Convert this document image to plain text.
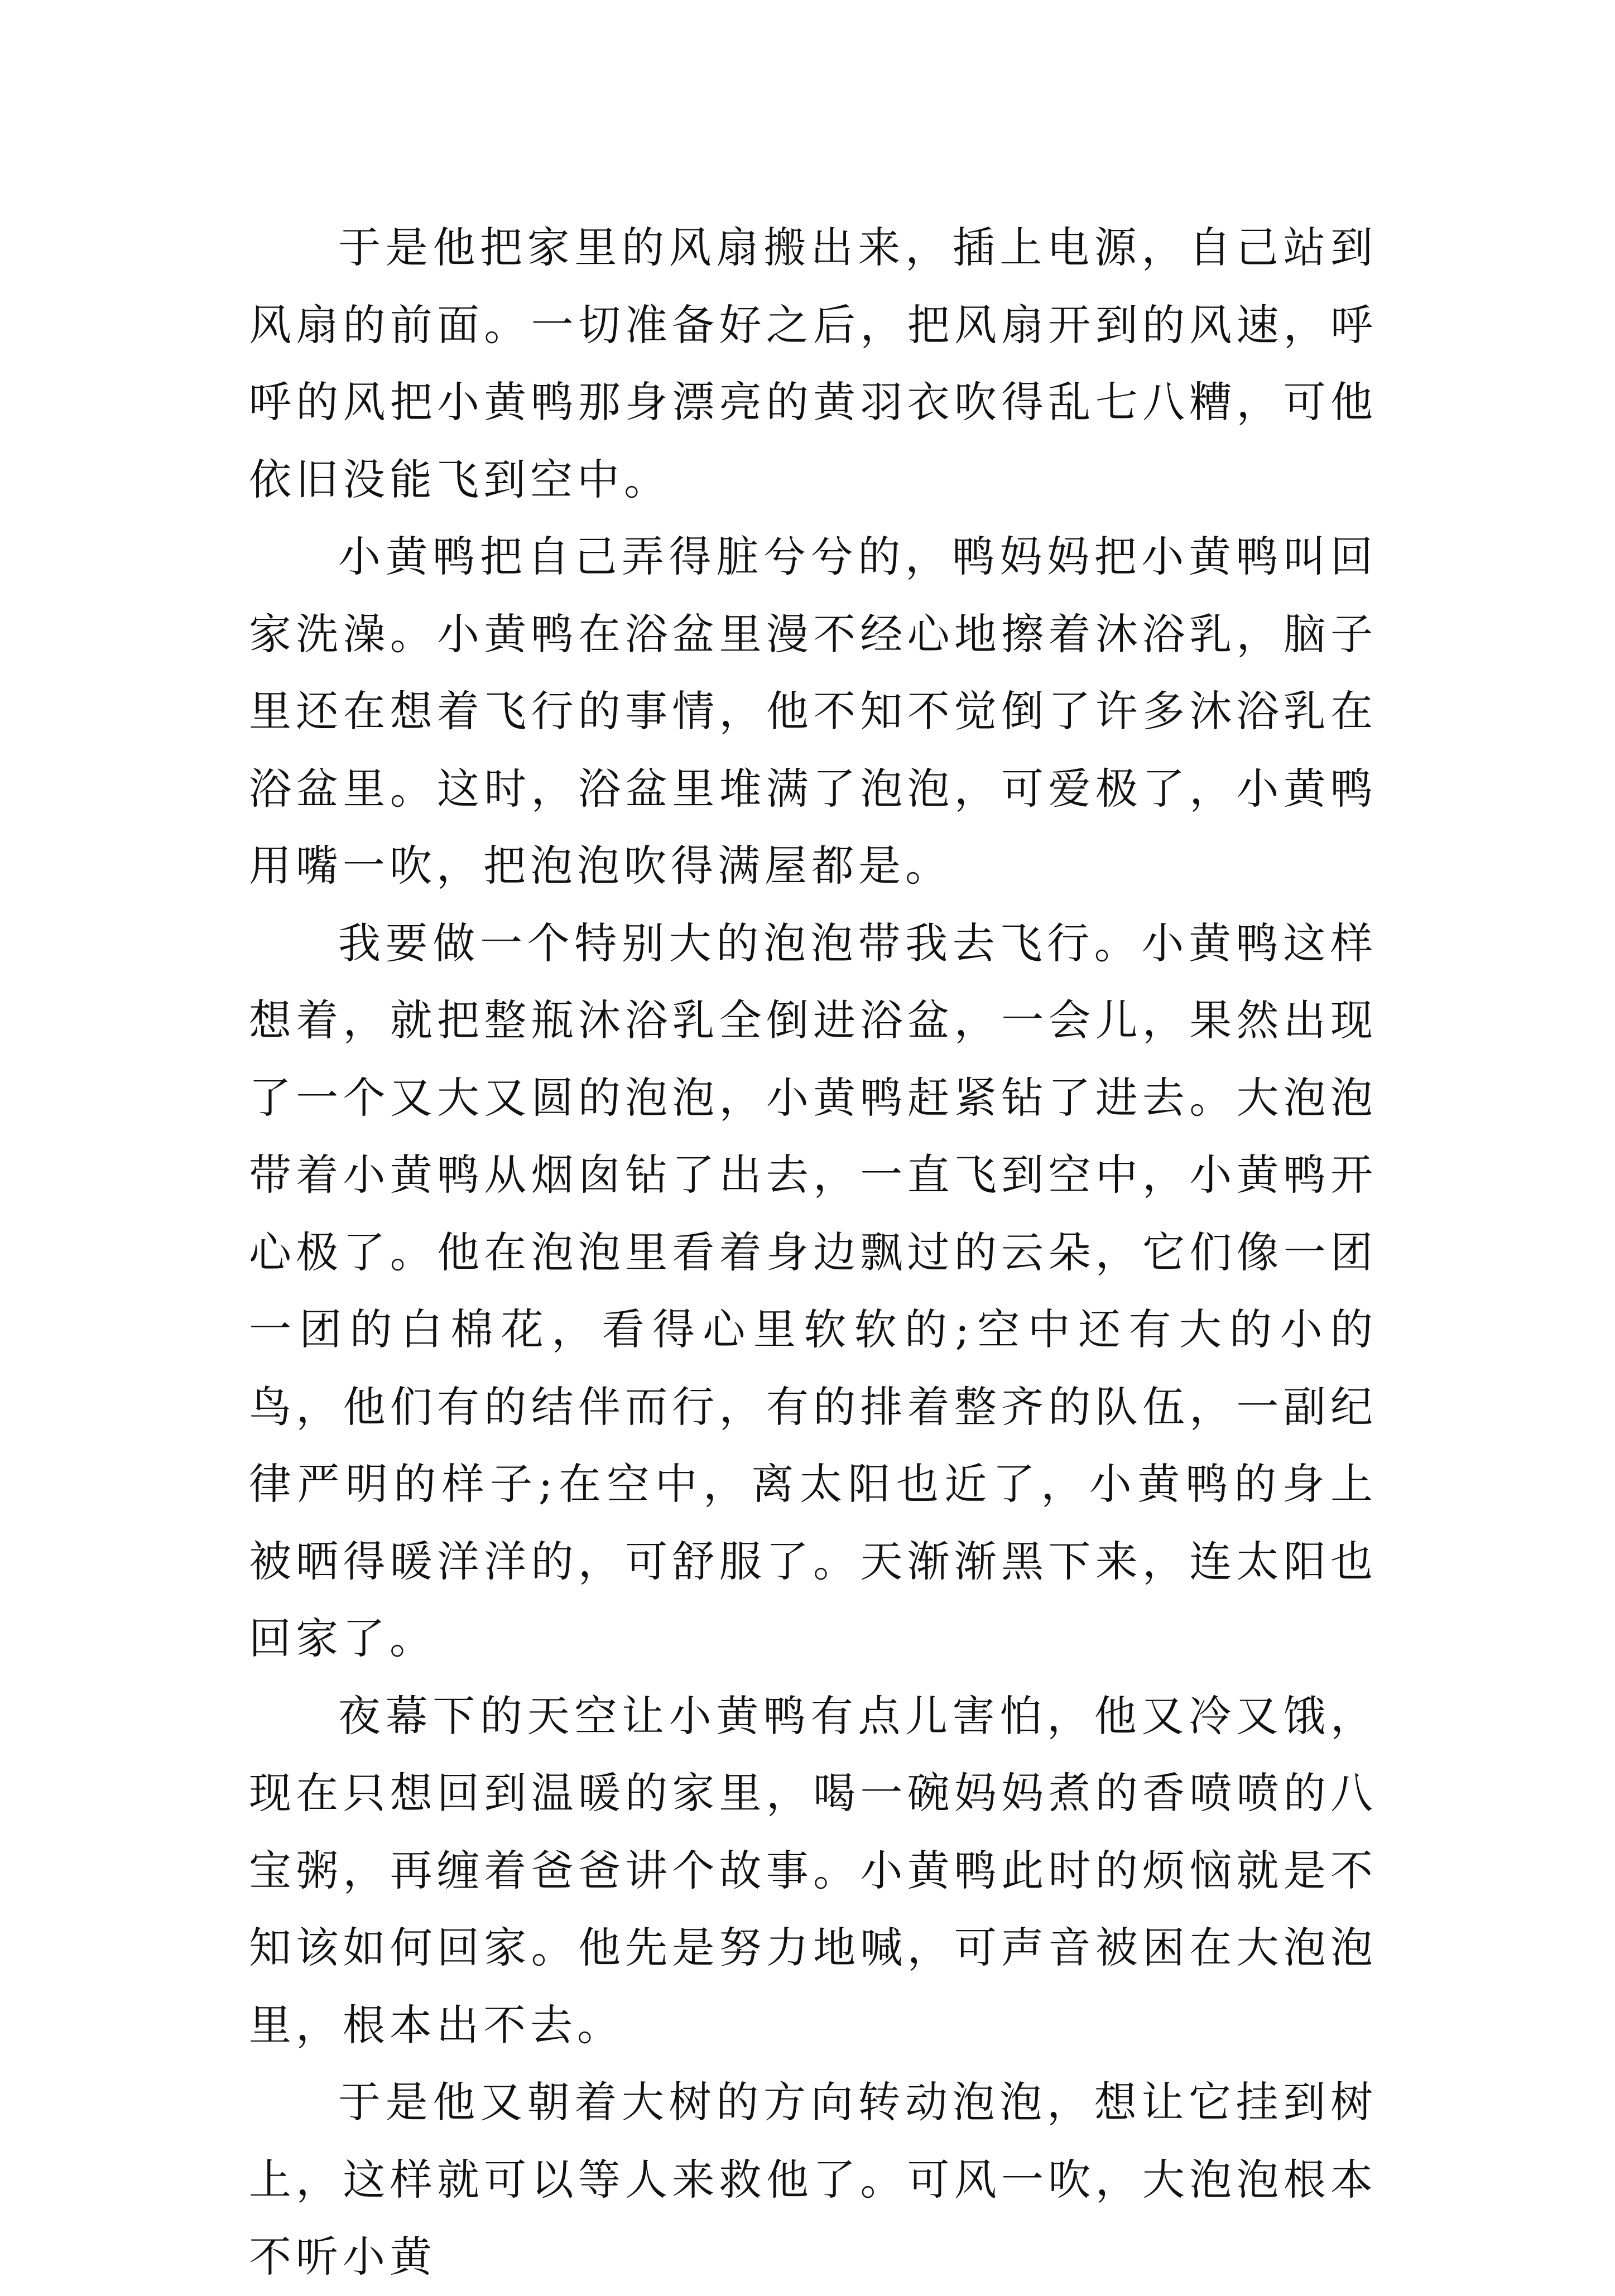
于是他把家里的风扇搬出来，插上电源，自己站到风扇的前面。一切准备好之后，把风扇开到的风速，呼呼的风把小黄鸭那身漂亮的黄羽衣吹得乱七八糟，可他依旧没能飞到空中。

小黄鸭把自己弄得脏兮兮的，鸭妈妈把小黄鸭叫回家洗澡。小黄鸭在浴盆里漫不经心地擦着沐浴乳，脑子里还在想着飞行的事情，他不知不觉倒了许多沐浴乳在浴盆里。这时，浴盆里堆满了泡泡，可爱极了，小黄鸭用嘴一吹，把泡泡吹得满屋都是。

我要做一个特别大的泡泡带我去飞行。小黄鸭这样想着，就把整瓶沐浴乳全倒进浴盆，一会儿，果然出现了一个又大又圆的泡泡，小黄鸭赶紧钻了进去。大泡泡带着小黄鸭从烟囱钻了出去，一直飞到空中，小黄鸭开心极了。他在泡泡里看着身边飘过的云朵，它们像一团一团的白棉花，看得心里软软的;空中还有大的小的鸟，他们有的结伴而行，有的排着整齐的队伍，一副纪律严明的样子;在空中，离太阳也近了，小黄鸭的身上被晒得暖洋洋的，可舒服了。天渐渐黑下来，连太阳也回家了。

夜幕下的天空让小黄鸭有点儿害怕，他又冷又饿，现在只想回到温暖的家里，喝一碗妈妈煮的香喷喷的八宝粥，再缠着爸爸讲个故事。小黄鸭此时的烦恼就是不知该如何回家。他先是努力地喊，可声音被困在大泡泡里，根本出不去。

于是他又朝着大树的方向转动泡泡，想让它挂到树上，这样就可以等人来救他了。可风一吹，大泡泡根本不听小黄
